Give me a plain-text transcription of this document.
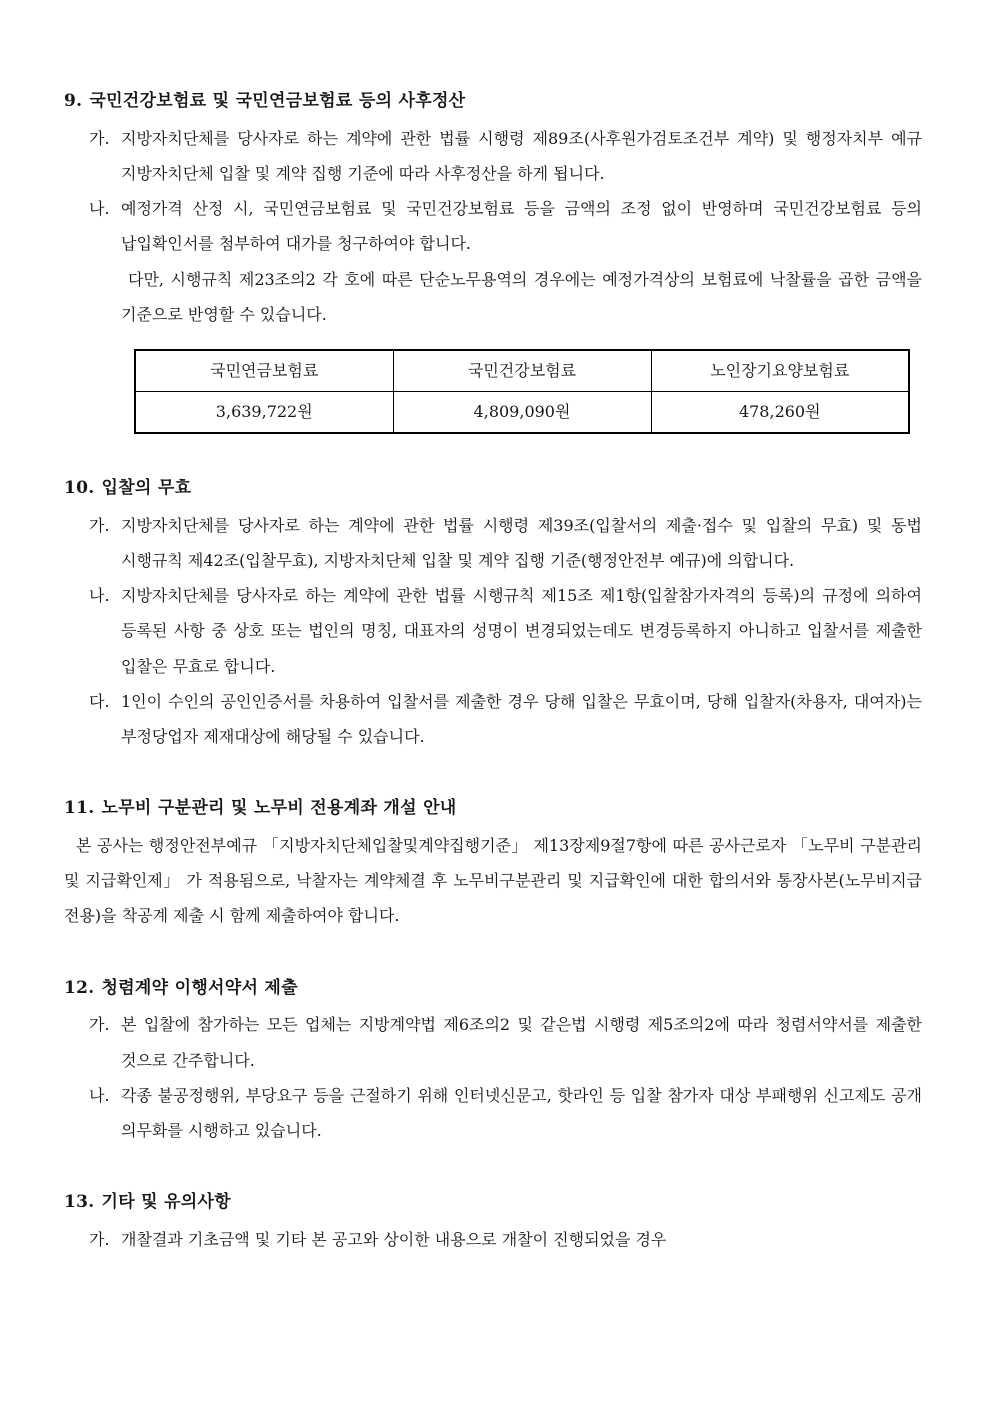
9. 국민건강보험료 및 국민연금보험료 등의 사후정산
가. 지방자치단체를 당사자로 하는 계약에 관한 법률 시행령 제89조(사후원가검토조건부 계약) 및 행정자치부 예규 지방자치단체 입찰 및 계약 집행 기준에 따라 사후정산을 하게 됩니다.
나. 예정가격 산정 시, 국민연금보험료 및 국민건강보험료 등을 금액의 조정 없이 반영하며 국민건강보험료 등의 납입확인서를 첨부하여 대가를 청구하여야 합니다.
다만, 시행규칙 제23조의2 각 호에 따른 단순노무용역의 경우에는 예정가격상의 보험료에 낙찰률을 곱한 금액을 기준으로 반영할 수 있습니다.
국민연금보험료	국민건강보험료	노인장기요양보험료
3,639,722원	4,809,090원	478,260원
10. 입찰의 무효
가. 지방자치단체를 당사자로 하는 계약에 관한 법률 시행령 제39조(입찰서의 제출·접수 및 입찰의 무효) 및 동법 시행규칙 제42조(입찰무효), 지방자치단체 입찰 및 계약 집행 기준(행정안전부 예규)에 의합니다.
나. 지방자치단체를 당사자로 하는 계약에 관한 법률 시행규칙 제15조 제1항(입찰참가자격의 등록)의 규정에 의하여 등록된 사항 중 상호 또는 법인의 명칭, 대표자의 성명이 변경되었는데도 변경등록하지 아니하고 입찰서를 제출한 입찰은 무효로 합니다.
다. 1인이 수인의 공인인증서를 차용하여 입찰서를 제출한 경우 당해 입찰은 무효이며, 당해 입찰자(차용자, 대여자)는 부정당업자 제재대상에 해당될 수 있습니다.
11. 노무비 구분관리 및 노무비 전용계좌 개설 안내

본 공사는 행정안전부예규 「지방자치단체입찰및계약집행기준」 제13장제9절7항에 따른 공사근로자 「노무비 구분관리 및 지급확인제」 가 적용됨으로, 낙찰자는 계약체결 후 노무비구분관리 및 지급확인에 대한 합의서와 통장사본(노무비지급 전용)을 착공계 제출 시 함께 제출하여야 합니다.

12. 청렴계약 이행서약서 제출
가. 본 입찰에 참가하는 모든 업체는 지방계약법 제6조의2 및 같은법 시행령 제5조의2에 따라 청렴서약서를 제출한 것으로 간주합니다.
나. 각종 불공정행위, 부당요구 등을 근절하기 위해 인터넷신문고, 핫라인 등 입찰 참가자 대상 부패행위 신고제도 공개 의무화를 시행하고 있습니다.
13. 기타 및 유의사항
가. 개찰결과 기초금액 및 기타 본 공고와 상이한 내용으로 개찰이 진행되었을 경우
